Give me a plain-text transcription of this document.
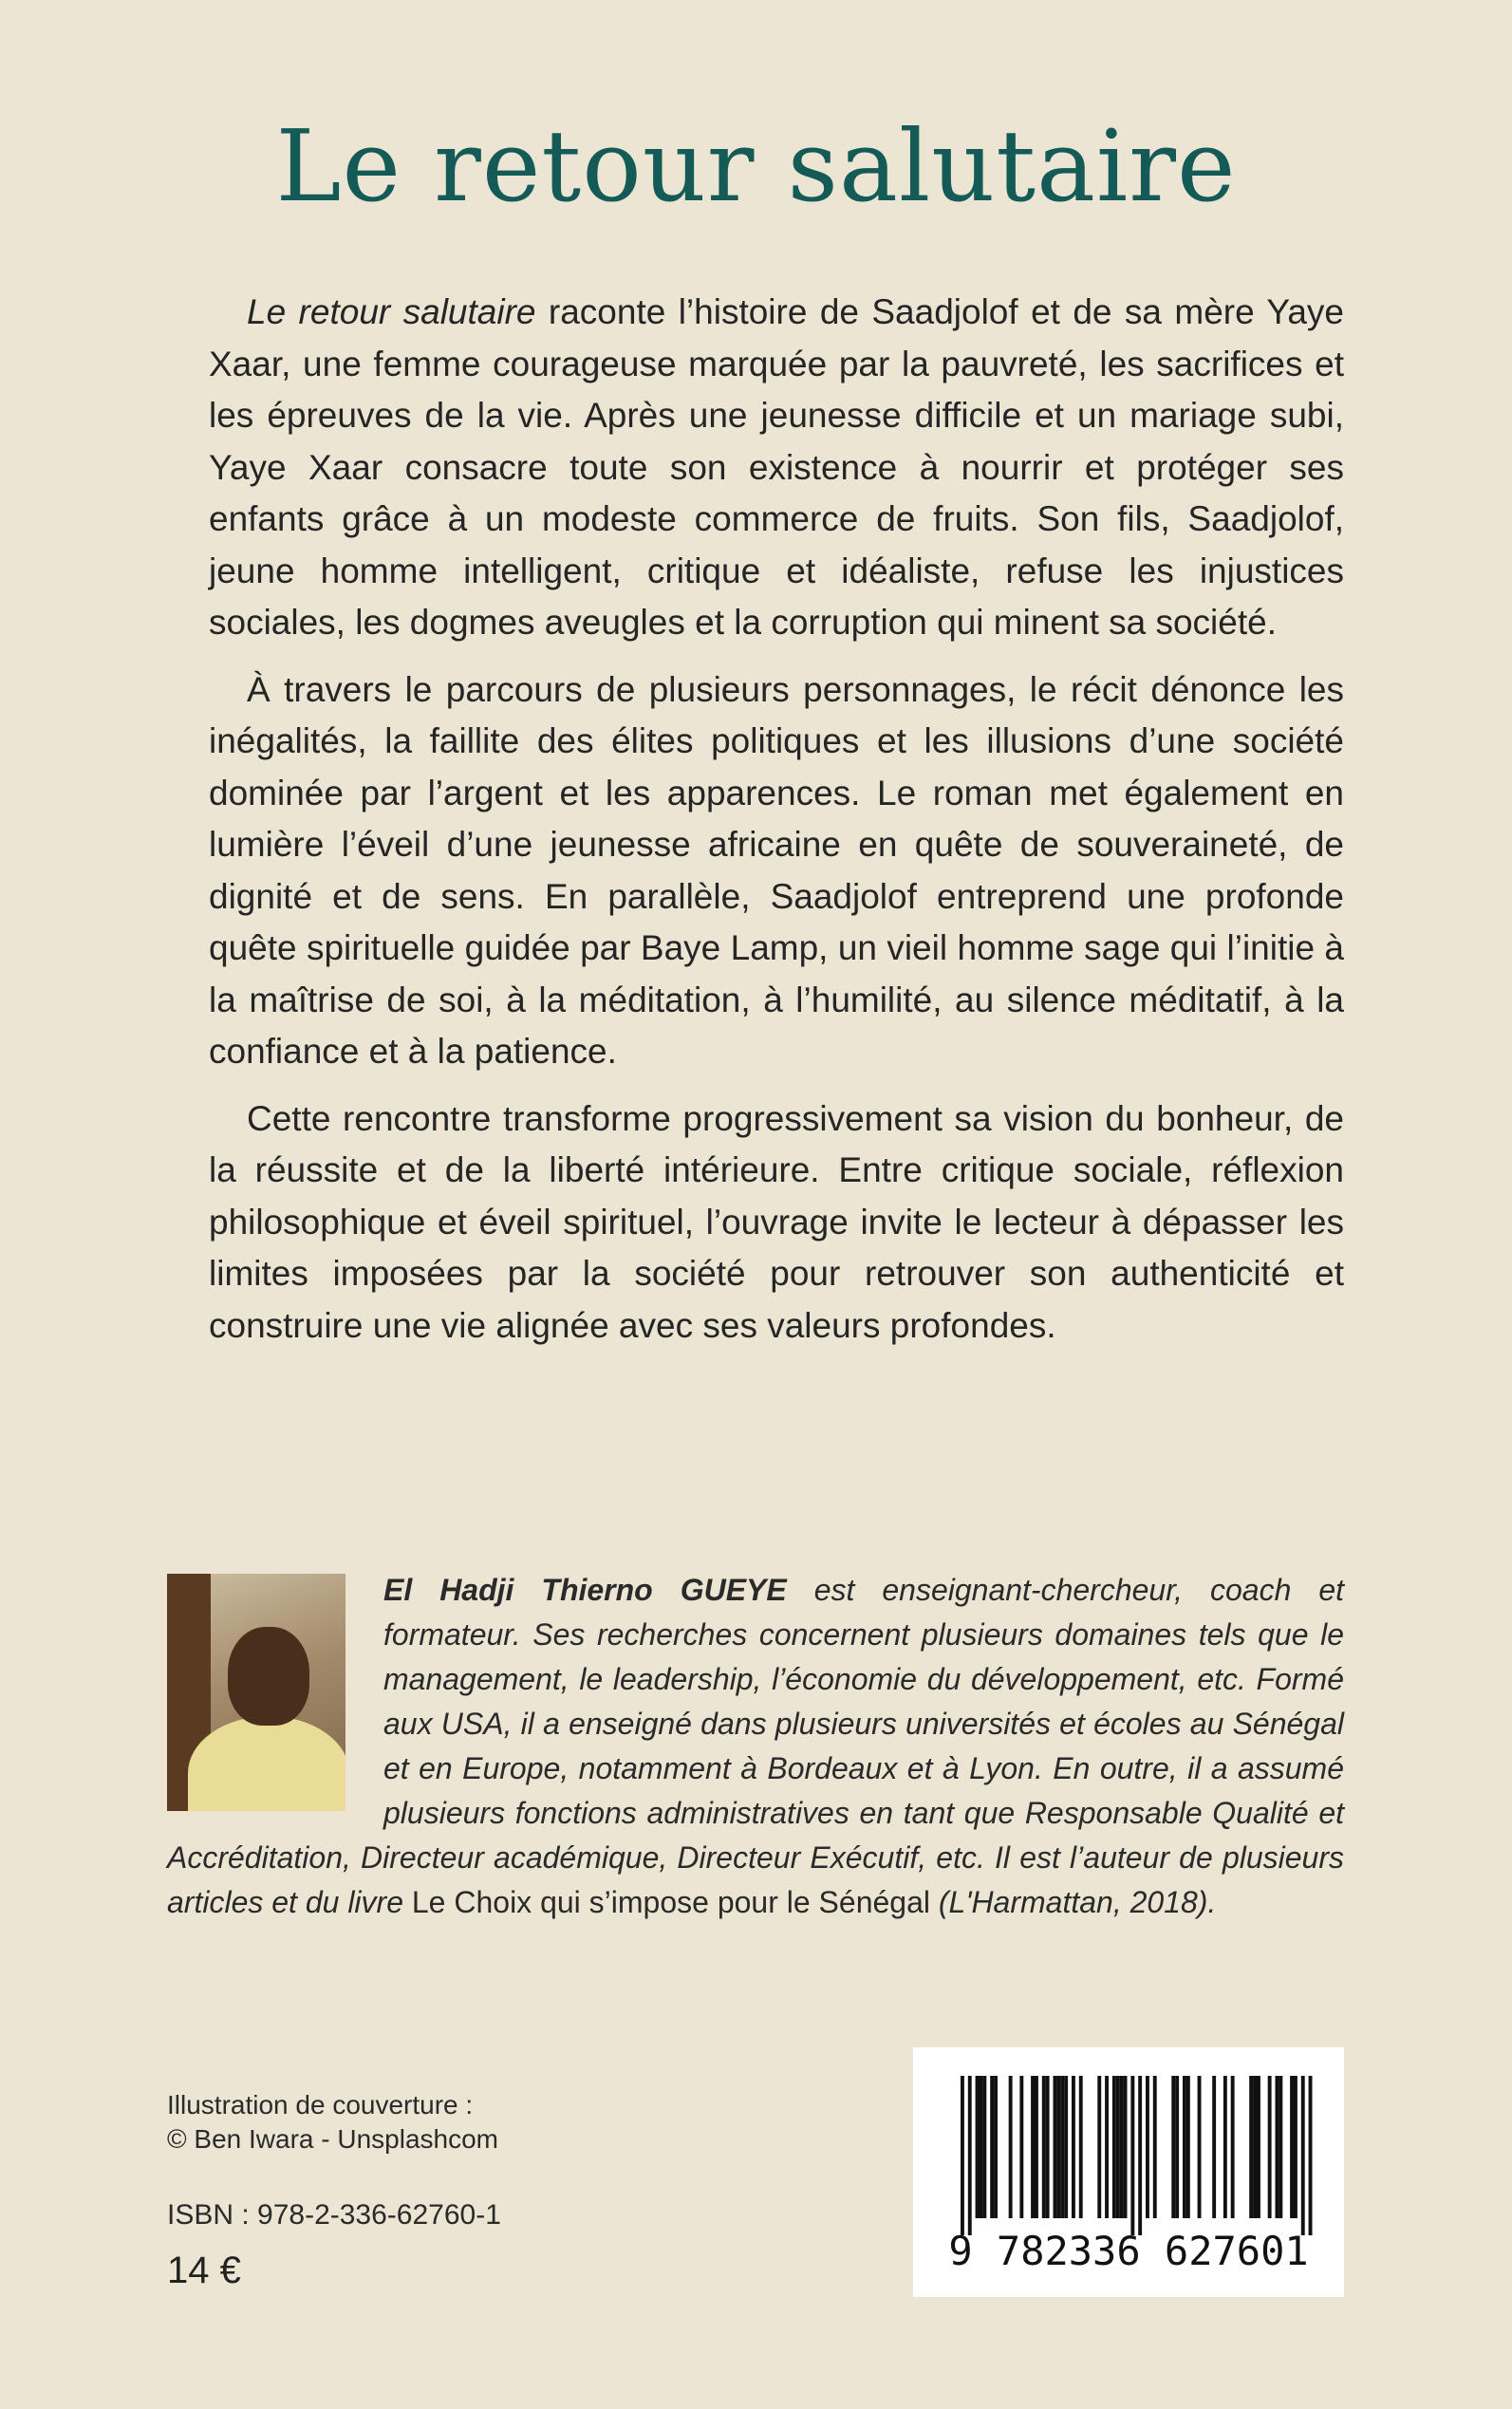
Le retour salutaire

Le retour salutaire raconte l’histoire de Saadjolof et de sa mère Yaye Xaar, une femme courageuse marquée par la pauvreté, les sacrifices et les épreuves de la vie. Après une jeunesse difficile et un mariage subi, Yaye Xaar consacre toute son existence à nourrir et protéger ses enfants grâce à un modeste commerce de fruits. Son fils, Saadjolof, jeune homme intelligent, critique et idéaliste, refuse les injustices sociales, les dogmes aveugles et la corruption qui minent sa société.

À travers le parcours de plusieurs personnages, le récit dénonce les inégalités, la faillite des élites politiques et les illusions d’une société dominée par l’argent et les apparences. Le roman met également en lumière l’éveil d’une jeunesse africaine en quête de souveraineté, de dignité et de sens. En parallèle, Saadjolof entreprend une profonde quête spirituelle guidée par Baye Lamp, un vieil homme sage qui l’initie à la maîtrise de soi, à la méditation, à l’humilité, au silence méditatif, à la confiance et à la patience.

Cette rencontre transforme progressivement sa vision du bonheur, de la réussite et de la liberté intérieure. Entre critique sociale, réflexion philosophique et éveil spirituel, l’ouvrage invite le lecteur à dépasser les limites imposées par la société pour retrouver son authenticité et construire une vie alignée avec ses valeurs profondes.

El Hadji Thierno GUEYE est enseignant-chercheur, coach et formateur. Ses recherches concernent plusieurs domaines tels que le management, le leadership, l’économie du développement, etc. Formé aux USA, il a enseigné dans plusieurs universités et écoles au Sénégal et en Europe, notamment à Bordeaux et à Lyon. En outre, il a assumé plusieurs fonctions administratives en tant que Responsable Qualité et Accréditation, Directeur académique, Directeur Exécutif, etc. Il est l’auteur de plusieurs articles et du livre Le Choix qui s’impose pour le Sénégal (L'Harmattan, 2018).
Illustration de couverture :
© Ben Iwara - Unsplashcom
ISBN : 978-2-336-62760-1
14 €	9 782336 627601
